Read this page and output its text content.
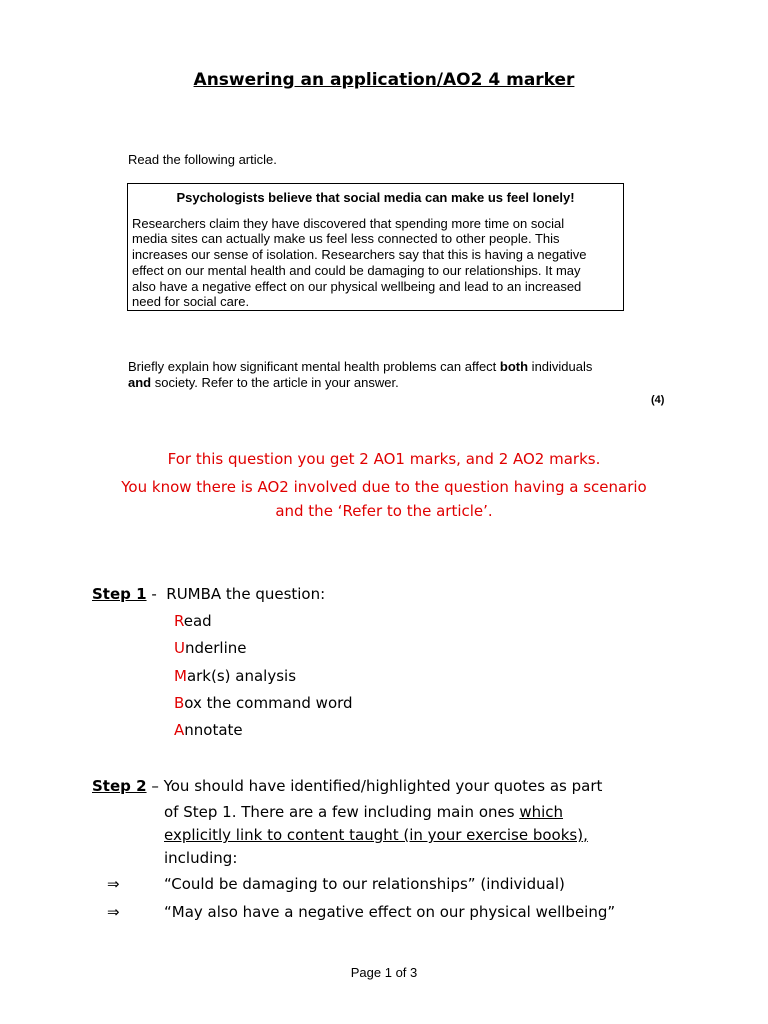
Answering an application/AO2 4 marker
Read the following article.
Psychologists believe that social media can make us feel lonely!
Researchers claim they have discovered that spending more time on social
media sites can actually make us feel less connected to other people. This
increases our sense of isolation. Researchers say that this is having a negative
effect on our mental health and could be damaging to our relationships. It may
also have a negative effect on our physical wellbeing and lead to an increased
need for social care.
Briefly explain how significant mental health problems can affect both individuals
and society. Refer to the article in your answer.
(4)
For this question you get 2 AO1 marks, and 2 AO2 marks.
You know there is AO2 involved due to the question having a scenario
and the ‘Refer to the article’.
Step 1 -  RUMBA the question:
Read
Underline
Mark(s) analysis
Box the command word
Annotate
Step 2 – You should have identified/highlighted your quotes as part
of Step 1. There are a few including main ones which
explicitly link to content taught (in your exercise books),
including:
⇒	“Could be damaging to our relationships” (individual)
⇒	“May also have a negative effect on our physical wellbeing”
Page 1 of 3
